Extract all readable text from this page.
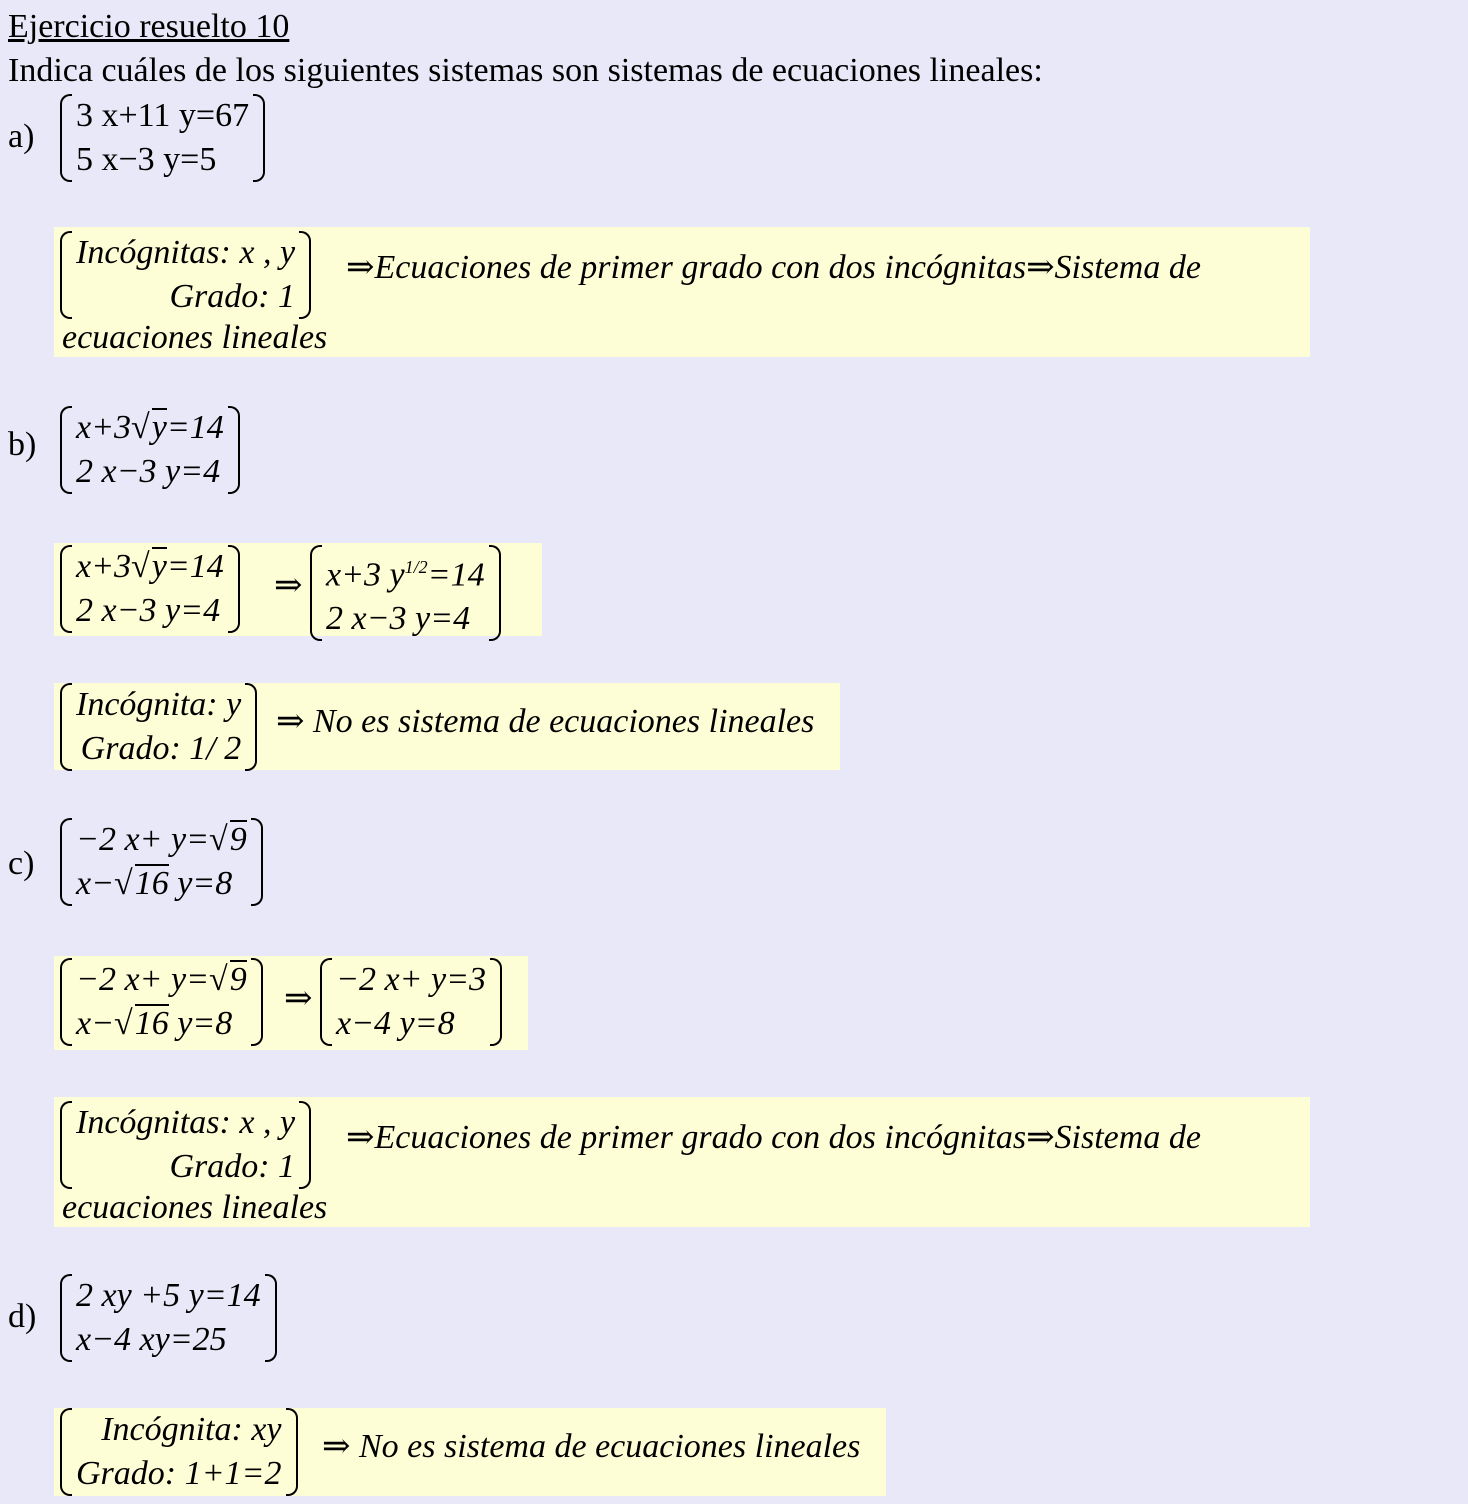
Ejercicio resuelto 10
Indica cuáles de los siguientes sistemas son sistemas de ecuaciones lineales:
a)
3 x+11 y=67
5 x−3 y=5
Incógnitas: x , y
Grado: 1
⇒Ecuaciones de primer grado con dos incógnitas⇒Sistema de
ecuaciones lineales
b) x+3√y=14
2 x−3 y=4
x+3√y=14
2 x−3 y=4
⇒ x+3 $y^{1/2}=14$
2 x−3 y=4
Incógnita: y
Grado: 1/ 2
⇒ No es sistema de ecuaciones lineales
c)
−2 x+ y=√9
x−√16 y=8
−2 x+ y=√9
x−√16 y=8
⇒
−2 x+ y=3
x−4 y=8
Incógnitas: x , y
Grado: 1
⇒Ecuaciones de primer grado con dos incógnitas⇒Sistema de
ecuaciones lineales
d)
2 xy +5 y=14
x−4 xy=25
Incógnita: xy
Grado: 1+1=2
⇒ No es sistema de ecuaciones lineales
